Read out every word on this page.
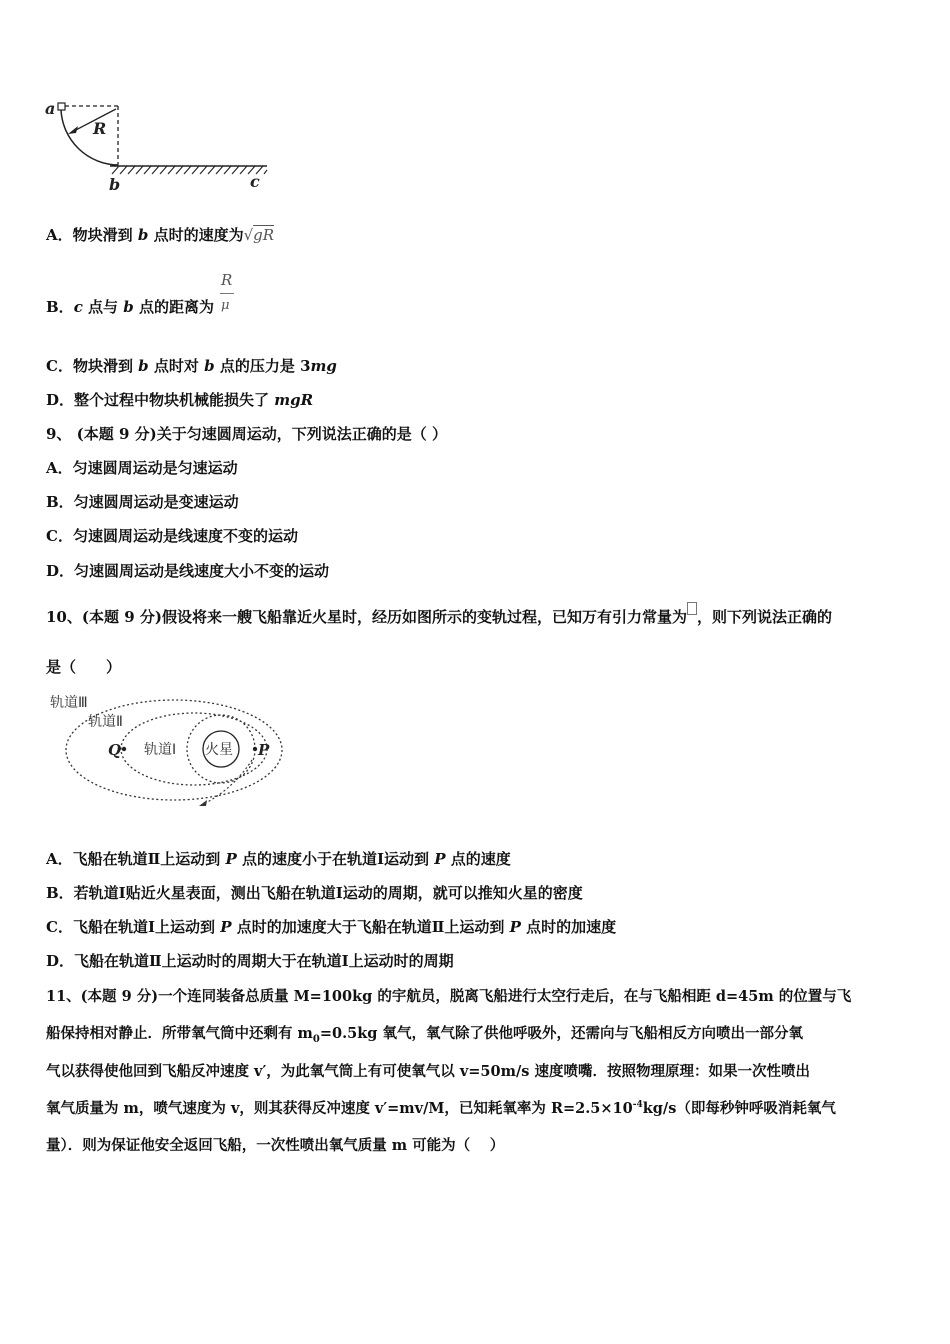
a
R
b	c
A．物块滑到 b 点时的速度为√gR
B．c 点与 b 点的距离为
R
μ
C．物块滑到 b 点时对 b 点的压力是 3mg
D．整个过程中物块机械能损失了 mgR
9、 (本题 9 分)关于匀速圆周运动，下列说法正确的是（ ）
A．匀速圆周运动是匀速运动
B．匀速圆周运动是变速运动
C．匀速圆周运动是线速度不变的运动
D．匀速圆周运动是线速度大小不变的运动
10、(本题 9 分)假设将来一艘飞船靠近火星时，经历如图所示的变轨过程，已知万有引力常量为 ，则下列说法正确的
是（　　）
轨道Ⅲ
轨道Ⅱ
轨道Ⅰ 火星
Q	P
A．飞船在轨道Ⅱ上运动到 P 点的速度小于在轨道Ⅰ运动到 P 点的速度
B．若轨道Ⅰ贴近火星表面，测出飞船在轨道Ⅰ运动的周期，就可以推知火星的密度
C．飞船在轨道Ⅰ上运动到 P 点时的加速度大于飞船在轨道Ⅱ上运动到 P 点时的加速度
D．飞船在轨道Ⅱ上运动时的周期大于在轨道Ⅰ上运动时的周期
11、(本题 9 分)一个连同装备总质量 M=100kg 的宇航员，脱离飞船进行太空行走后，在与飞船相距 d=45m 的位置与飞
船保持相对静止．所带氧气筒中还剩有 $m_0=0.5kg$ 氧气，氧气除了供他呼吸外，还需向与飞船相反方向喷出一部分氧
气以获得使他回到飞船反冲速度 v′，为此氧气筒上有可使氧气以 v=50m/s 速度喷嘴．按照物理原理：如果一次性喷出
氧气质量为 m，喷气速度为 v，则其获得反冲速度 v′=mv/M，已知耗氧率为 $R=2.5\times 10^{-4}kg/s$（即每秒钟呼吸消耗氧气
量）．则为保证他安全返回飞船，一次性喷出氧气质量 m 可能为（　 ）
